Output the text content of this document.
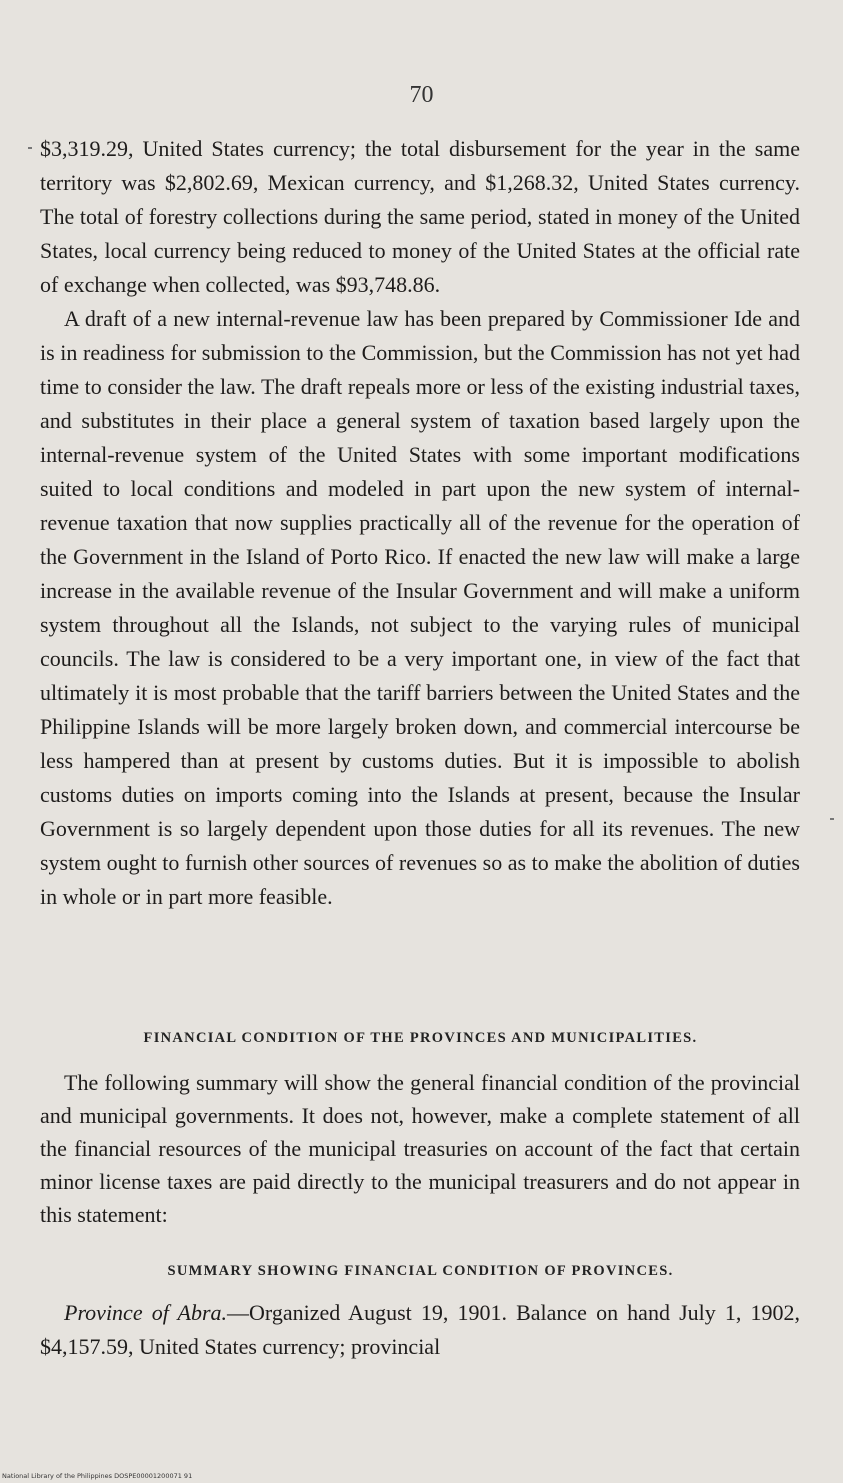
70

$3,319.29, United States currency; the total disbursement for the year in the same territory was $2,802.69, Mexican currency, and $1,268.32, United States currency. The total of forestry collections during the same period, stated in money of the United States, local currency being reduced to money of the United States at the official rate of exchange when collected, was $93,748.86.

A draft of a new internal-revenue law has been prepared by Commissioner Ide and is in readiness for submission to the Commission, but the Commission has not yet had time to consider the law. The draft repeals more or less of the existing industrial taxes, and substitutes in their place a general system of taxation based largely upon the internal-revenue system of the United States with some important modifications suited to local conditions and modeled in part upon the new system of internal-revenue taxation that now supplies practically all of the revenue for the operation of the Government in the Island of Porto Rico. If enacted the new law will make a large increase in the available revenue of the Insular Government and will make a uniform system throughout all the Islands, not subject to the varying rules of municipal councils. The law is considered to be a very important one, in view of the fact that ultimately it is most probable that the tariff barriers between the United States and the Philippine Islands will be more largely broken down, and commercial intercourse be less hampered than at present by customs duties. But it is impossible to abolish customs duties on imports coming into the Islands at present, because the Insular Government is so largely dependent upon those duties for all its revenues. The new system ought to furnish other sources of revenues so as to make the abolition of duties in whole or in part more feasible.

FINANCIAL CONDITION OF THE PROVINCES AND MUNICIPALITIES.
The following summary will show the general financial condition of the provincial and municipal governments. It does not, however, make a complete statement of all the financial resources of the municipal treasuries on account of the fact that certain minor license taxes are paid directly to the municipal treasurers and do not appear in this statement:
SUMMARY SHOWING FINANCIAL CONDITION OF PROVINCES.

Province of Abra.—Organized August 19, 1901. Balance on hand July 1, 1902, $4,157.59, United States currency; provincial

National Library of the Philippines DOSPE00001200071 91
